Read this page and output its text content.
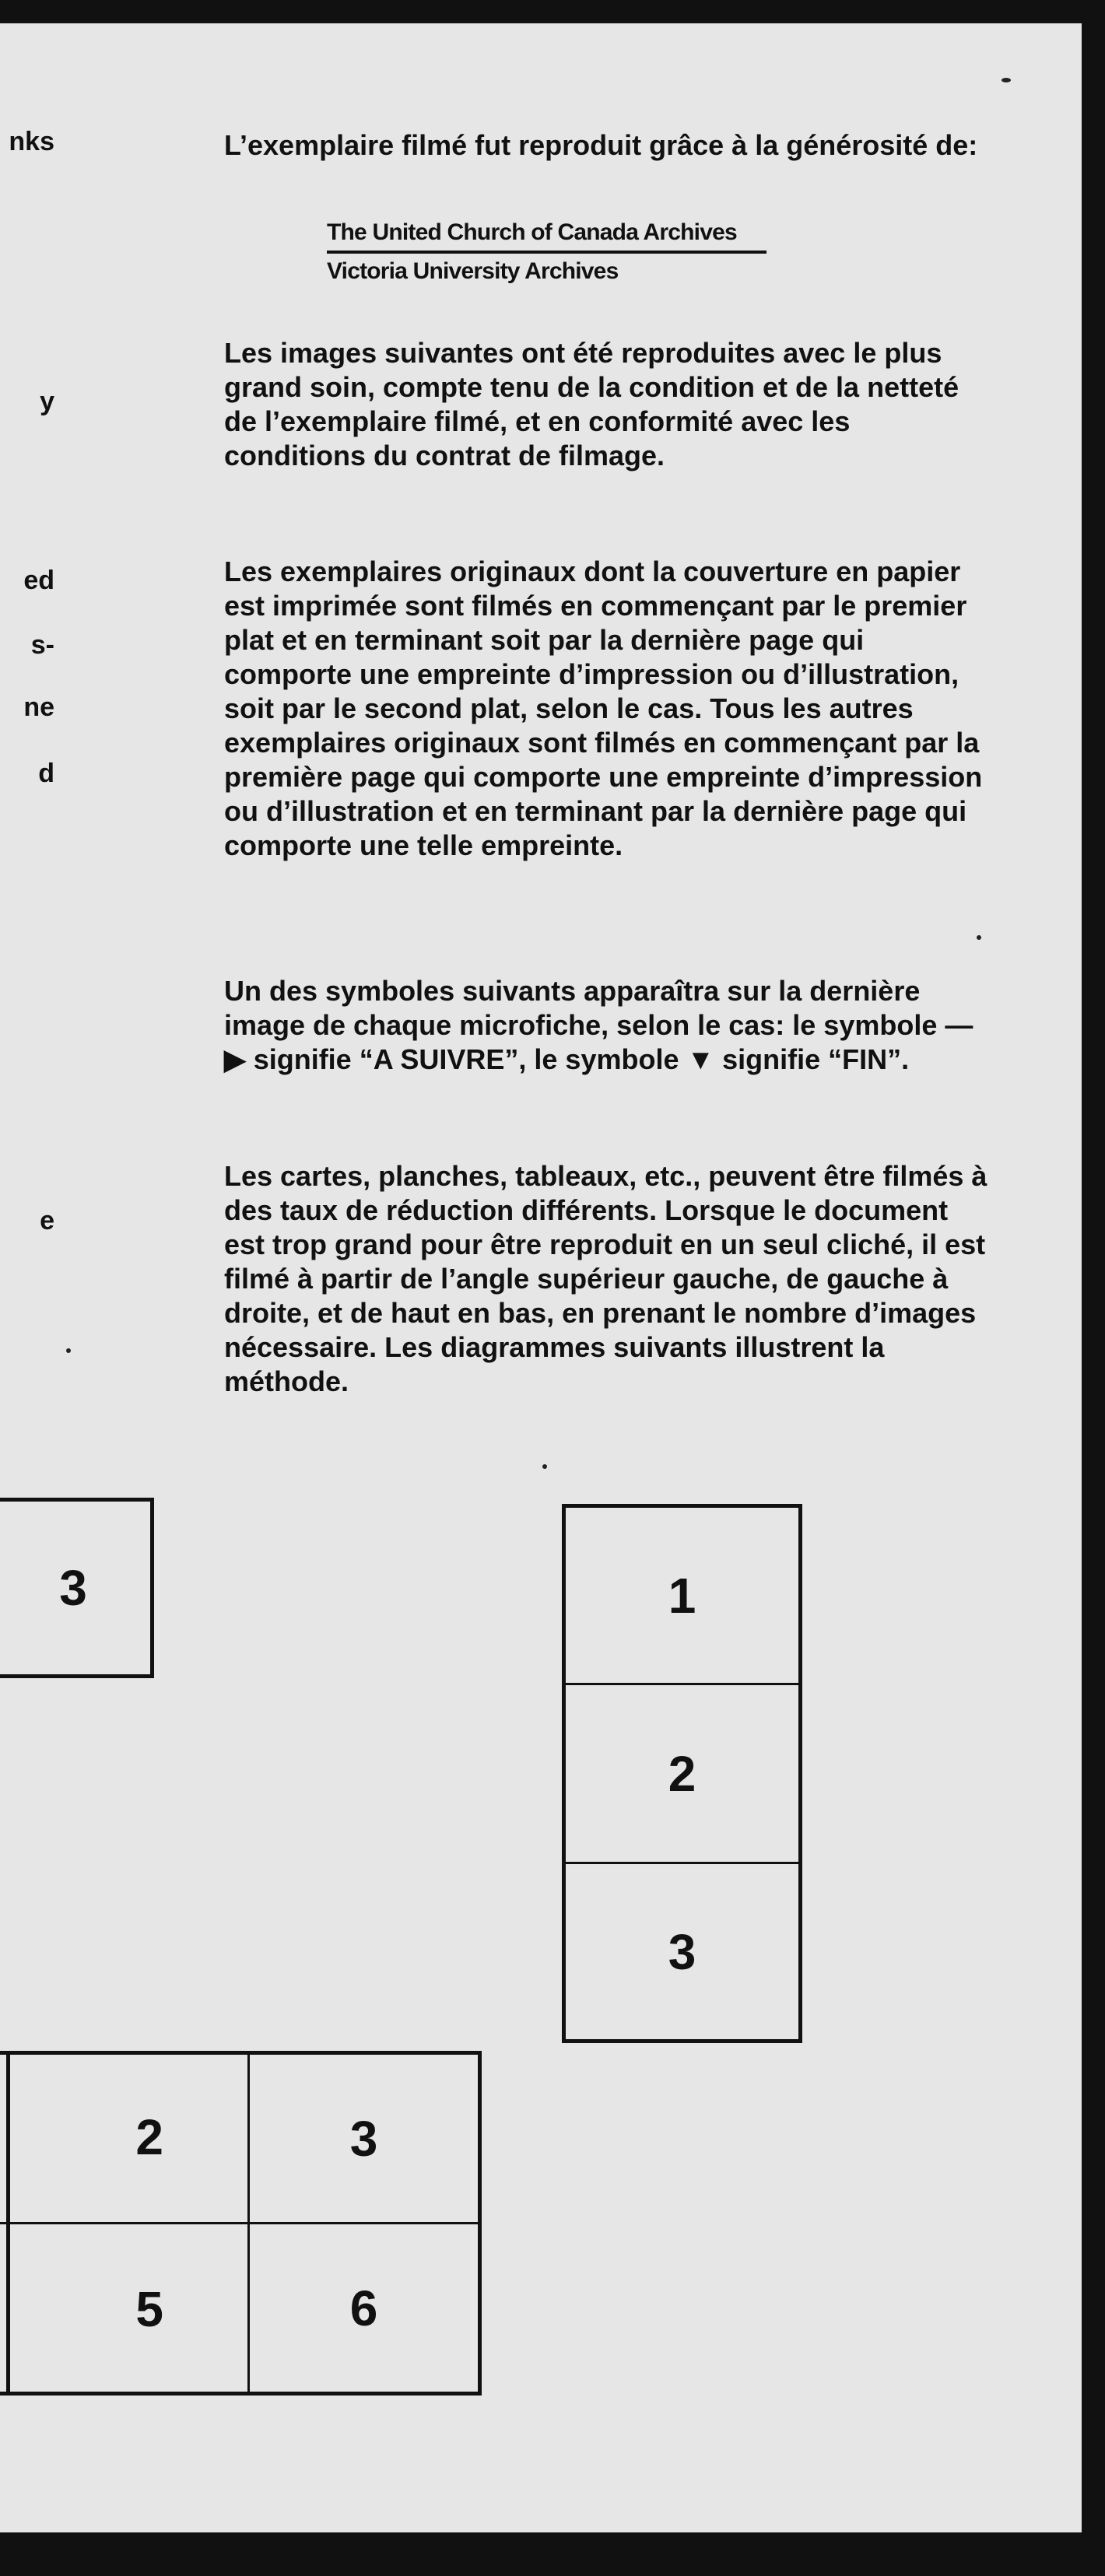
nks
y
ed
s-
ne
d
e

L’exemplaire filmé fut reproduit grâce à la générosité de:

The United Church of Canada Archives
Victoria University Archives

Les images suivantes ont été reproduites avec le plus grand soin, compte tenu de la condition et de la netteté de l’exemplaire filmé, et en conformité avec les conditions du contrat de filmage.

Les exemplaires originaux dont la couverture en papier est imprimée sont filmés en commençant par le premier plat et en terminant soit par la dernière page qui comporte une empreinte d’impression ou d’illustration, soit par le second plat, selon le cas. Tous les autres exemplaires originaux sont filmés en commençant par la première page qui comporte une empreinte d’impression ou d’illustration et en terminant par la dernière page qui comporte une telle empreinte.

Un des symboles suivants apparaîtra sur la dernière image de chaque microfiche, selon le cas: le symbole —▶ signifie “A SUIVRE”, le symbole ▼ signifie “FIN”.

Les cartes, planches, tableaux, etc., peuvent être filmés à des taux de réduction différents. Lorsque le document est trop grand pour être reproduit en un seul cliché, il est filmé à partir de l’angle supérieur gauche, de gauche à droite, et de haut en bas, en prenant le nombre d’images nécessaire. Les diagrammes suivants illustrent la méthode.

3	1
2
3
3
6
2
5
